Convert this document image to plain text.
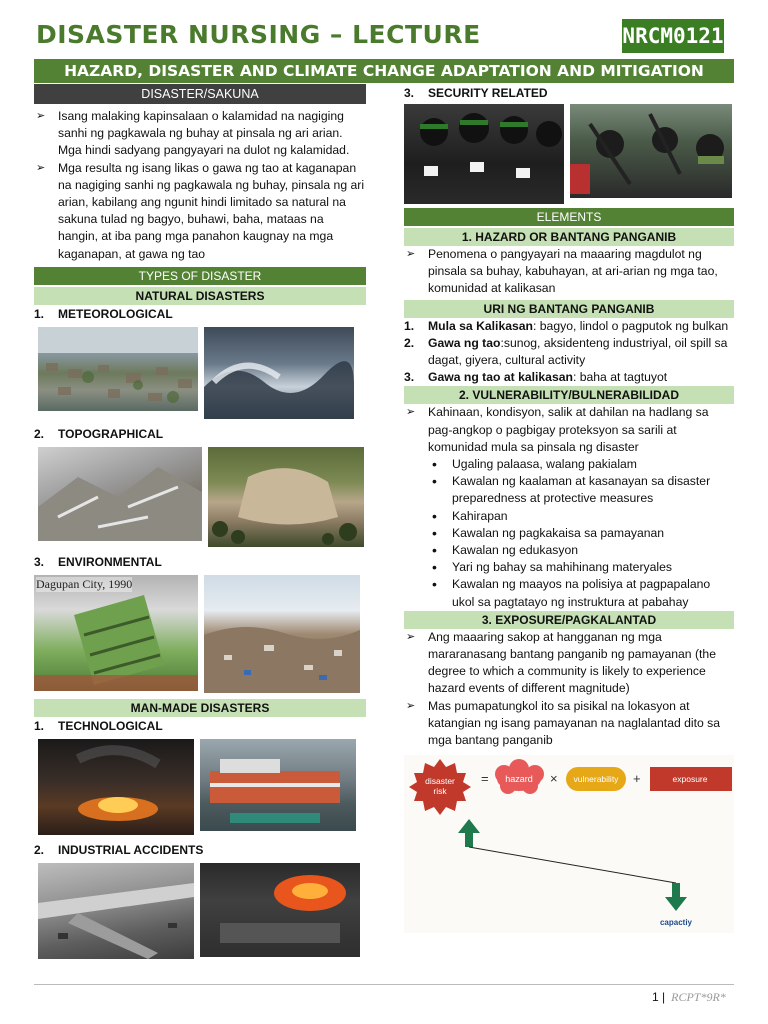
DISASTER NURSING – LECTURE	NRCM0121
HAZARD, DISASTER AND CLIMATE CHANGE ADAPTATION AND MITIGATION
DISASTER/SAKUNA
➢ Isang malaking kapinsalaan o kalamidad na nagiging sanhi ng pagkawala ng buhay at pinsala ng ari arian. Mga hindi sadyang pangyayari na dulot ng kalamidad.
➢ Mga resulta ng isang likas o gawa ng tao at kaganapan na nagiging sanhi ng pagkawala ng buhay, pinsala ng ari arian, kabilang ang ngunit hindi limitado sa natural na sakuna tulad ng bagyo, buhawi, baha, mataas na hangin, at iba pang mga panahon kaugnay na mga kaganapan, at gawa ng tao
TYPES OF DISASTER
NATURAL DISASTERS
1.	METEOROLOGICAL
2.	TOPOGRAPHICAL
3.	ENVIRONMENTAL
Dagupan City, 1990
MAN-MADE DISASTERS
1.	TECHNOLOGICAL
2.	INDUSTRIAL ACCIDENTS
3.	SECURITY RELATED
ELEMENTS
1. HAZARD OR BANTANG PANGANIB
➢ Penomena o pangyayari na maaaring magdulot ng pinsala sa buhay, kabuhayan, at ari-arian ng mga tao, komunidad at kalikasan
URI NG BANTANG PANGANIB
1.	Mula sa Kalikasan: bagyo, lindol o pagputok ng bulkan
2.	Gawa ng tao:sunog, aksidenteng industriyal, oil spill sa dagat, giyera, cultural activity
3.	Gawa ng tao at kalikasan: baha at tagtuyot
2. VULNERABILITY/BULNERABILIDAD
➢ Kahinaan, kondisyon, salik at dahilan na hadlang sa pag-angkop o pagbigay proteksyon sa sarili at komunidad mula sa pinsala ng disaster
• Ugaling palaasa, walang pakialam
• Kawalan ng kaalaman at kasanayan sa disaster preparedness at protective measures
• Kahirapan
• Kawalan ng pagkakaisa sa pamayanan
• Kawalan ng edukasyon
• Yari ng bahay sa mahihinang materyales
• Kawalan ng maayos na polisiya at pagpapalano ukol sa pagtatayo ng instruktura at pabahay
3. EXPOSURE/PAGKALANTAD
➢ Ang maaaring sakop at hangganan ng mga mararanasang bantang panganib ng pamayanan (the degree to which a community is likely to experience hazard events of different magnitude)
➢ Mas pumapatungkol ito sa pisikal na lokasyon at katangian ng isang pamayanan na naglalantad dito sa mga bantang panganib
disaster
risk
= hazard × vulnerability +	exposure
capactiy
1 | RCPT*9R*
